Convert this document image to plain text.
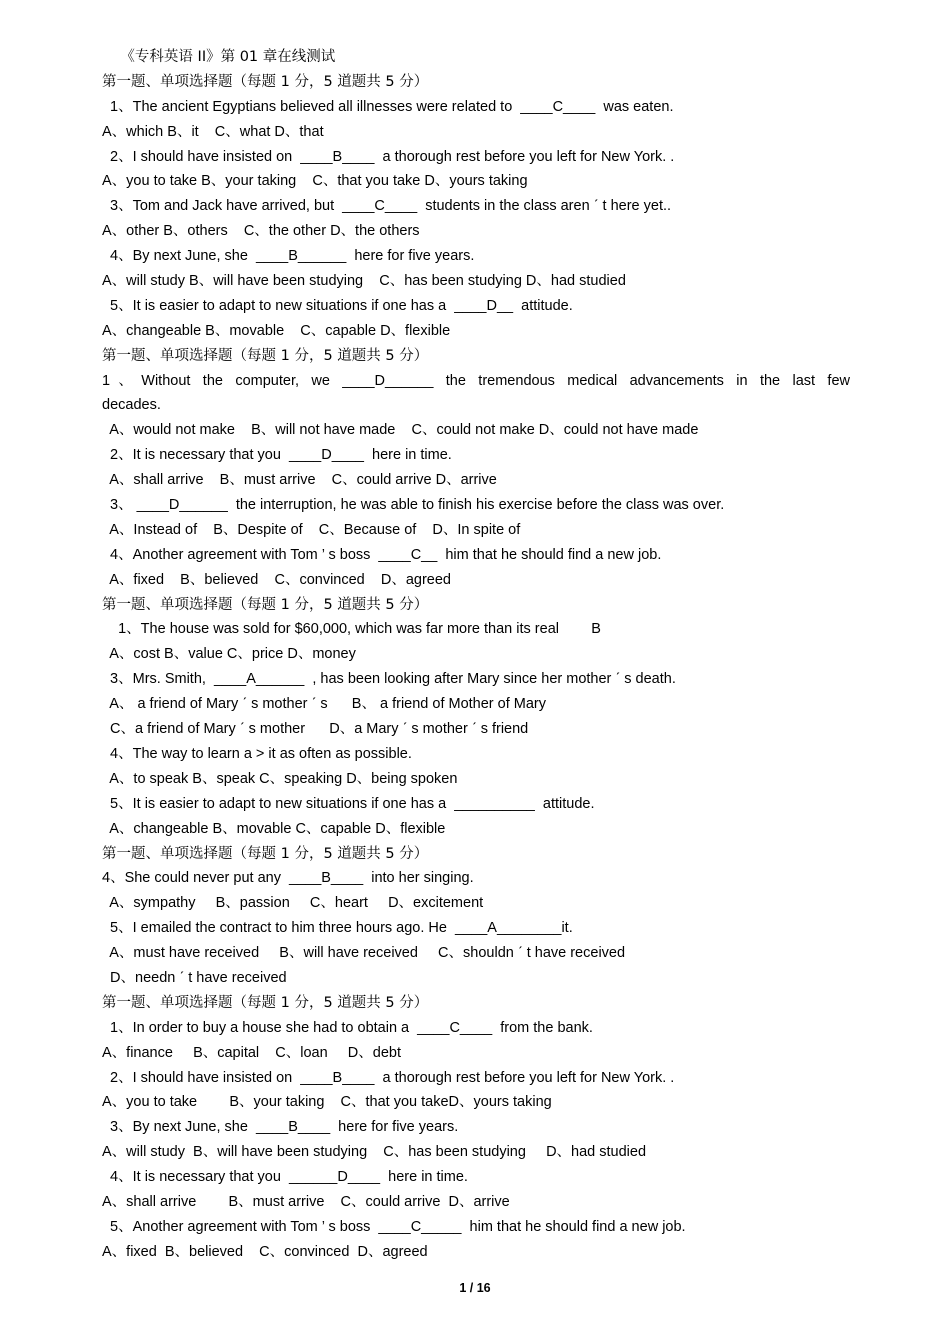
《专科英语 II》第 01 章在线测试
第一题、单项选择题（每题 1 分，5 道题共 5 分）
1、The ancient Egyptians believed all illnesses were related to  ____C____  was eaten.
A、which B、it    C、what D、that
2、I should have insisted on  ____B____  a thorough rest before you left for New York. .
A、you to take B、your taking    C、that you take D、yours taking
3、Tom and Jack have arrived, but  ____C____  students in the class aren ˊ t here yet..
A、other B、others    C、the other D、the others
4、By next June, she  ____B______  here for five years.
A、will study B、will have been studying    C、has been studying D、had studied
5、It is easier to adapt to new situations if one has a  ____D__  attitude.
A、changeable B、movable    C、capable D、flexible
第一题、单项选择题（每题 1 分，5 道题共 5 分）
1、Without the computer, we ____D______ the tremendous medical advancements in the last few
decades.
A、would not make    B、will not have made    C、could not make D、could not have made
2、It is necessary that you  ____D____  here in time.
A、shall arrive    B、must arrive    C、could arrive D、arrive
3、 ____D______  the interruption, he was able to finish his exercise before the class was over.
A、Instead of    B、Despite of    C、Because of    D、In spite of
4、Another agreement with Tom ’ s boss  ____C__  him that he should find a new job.
A、fixed    B、believed    C、convinced    D、agreed
第一题、单项选择题（每题 1 分，5 道题共 5 分）
1、The house was sold for $60,000, which was far more than its real        B
A、cost B、value C、price D、money
3、Mrs. Smith,  ____A______  , has been looking after Mary since her mother ˊ s death.
A、 a friend of Mary ˊ s mother ˊ s      B、 a friend of Mother of Mary
C、a friend of Mary ˊ s mother      D、a Mary ˊ s mother ˊ s friend
4、The way to learn a > it as often as possible.
A、to speak B、speak C、speaking D、being spoken
5、It is easier to adapt to new situations if one has a  __________  attitude.
A、changeable B、movable C、capable D、flexible
第一题、单项选择题（每题 1 分，5 道题共 5 分）
4、She could never put any  ____B____  into her singing.
A、sympathy     B、passion     C、heart     D、excitement
5、I emailed the contract to him three hours ago. He  ____A________it.
A、must have received     B、will have received     C、shouldn ˊ t have received
D、needn ˊ t have received
第一题、单项选择题（每题 1 分，5 道题共 5 分）
1、In order to buy a house she had to obtain a  ____C____  from the bank.
A、finance     B、capital    C、loan     D、debt
2、I should have insisted on  ____B____  a thorough rest before you left for New York. .
A、you to take        B、your taking    C、that you takeD、yours taking
3、By next June, she  ____B____  here for five years.
A、will study  B、will have been studying    C、has been studying     D、had studied
4、It is necessary that you  ______D____  here in time.
A、shall arrive        B、must arrive    C、could arrive  D、arrive
5、Another agreement with Tom ’ s boss  ____C_____  him that he should find a new job.
A、fixed  B、believed    C、convinced  D、agreed
1 / 16
